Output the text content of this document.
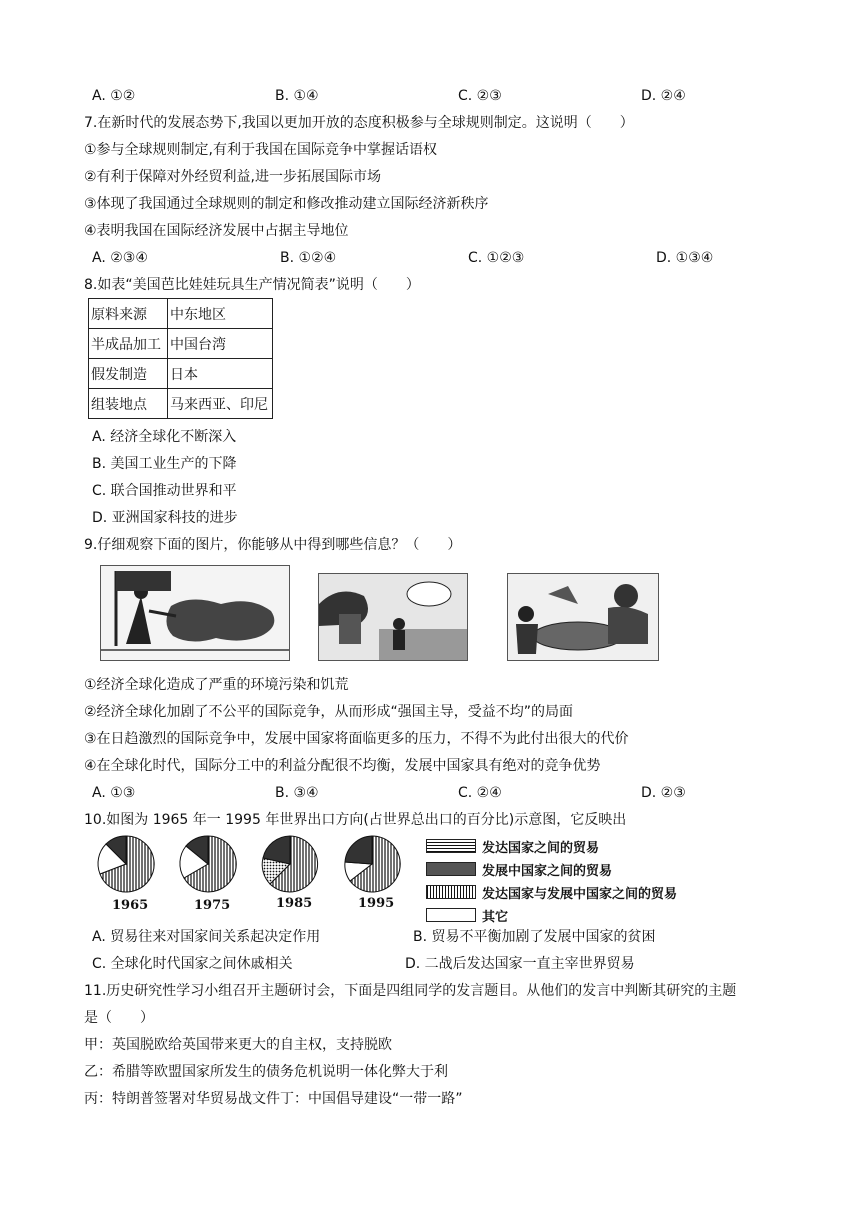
A. ①②	B. ①④	C. ②③	D. ②④
7.在新时代的发展态势下,我国以更加开放的态度积极参与全球规则制定。这说明（　　）
①参与全球规则制定,有利于我国在国际竞争中掌握话语权
②有利于保障对外经贸利益,进一步拓展国际市场
③体现了我国通过全球规则的制定和修改推动建立国际经济新秩序
④表明我国在国际经济发展中占据主导地位
A. ②③④	B. ①②④	C. ①②③	D. ①③④
8.如表“美国芭比娃娃玩具生产情况简表”说明（　　）
原料来源	中东地区
半成品加工	中国台湾
假发制造	日本
组装地点	马来西亚、印尼
A. 经济全球化不断深入
B. 美国工业生产的下降
C. 联合国推动世界和平
D. 亚洲国家科技的进步
9.仔细观察下面的图片，你能够从中得到哪些信息？（　　）
①经济全球化造成了严重的环境污染和饥荒
②经济全球化加剧了不公平的国际竞争，从而形成“强国主导，受益不均”的局面
③在日趋激烈的国际竞争中，发展中国家将面临更多的压力，不得不为此付出很大的代价
④在全球化时代，国际分工中的利益分配很不均衡，发展中国家具有绝对的竞争优势
A. ①③	B. ③④	C. ②④	D. ②③
10.如图为 1965 年一 1995 年世界出口方向(占世界总出口的百分比)示意图，它反映出
1965	1975	1985	1995
发达国家之间的贸易
发展中国家之间的贸易
发达国家与发展中国家之间的贸易
其它
A. 贸易往来对国家间关系起决定作用	B. 贸易不平衡加剧了发展中国家的贫困
C. 全球化时代国家之间休戚相关	D. 二战后发达国家一直主宰世界贸易
11.历史研究性学习小组召开主题研讨会，下面是四组同学的发言题目。从他们的发言中判断其研究的主题
是（　　）
甲：英国脱欧给英国带来更大的自主权，支持脱欧
乙：希腊等欧盟国家所发生的债务危机说明一体化弊大于利
丙：特朗普签署对华贸易战文件丁：中国倡导建设“一带一路”
